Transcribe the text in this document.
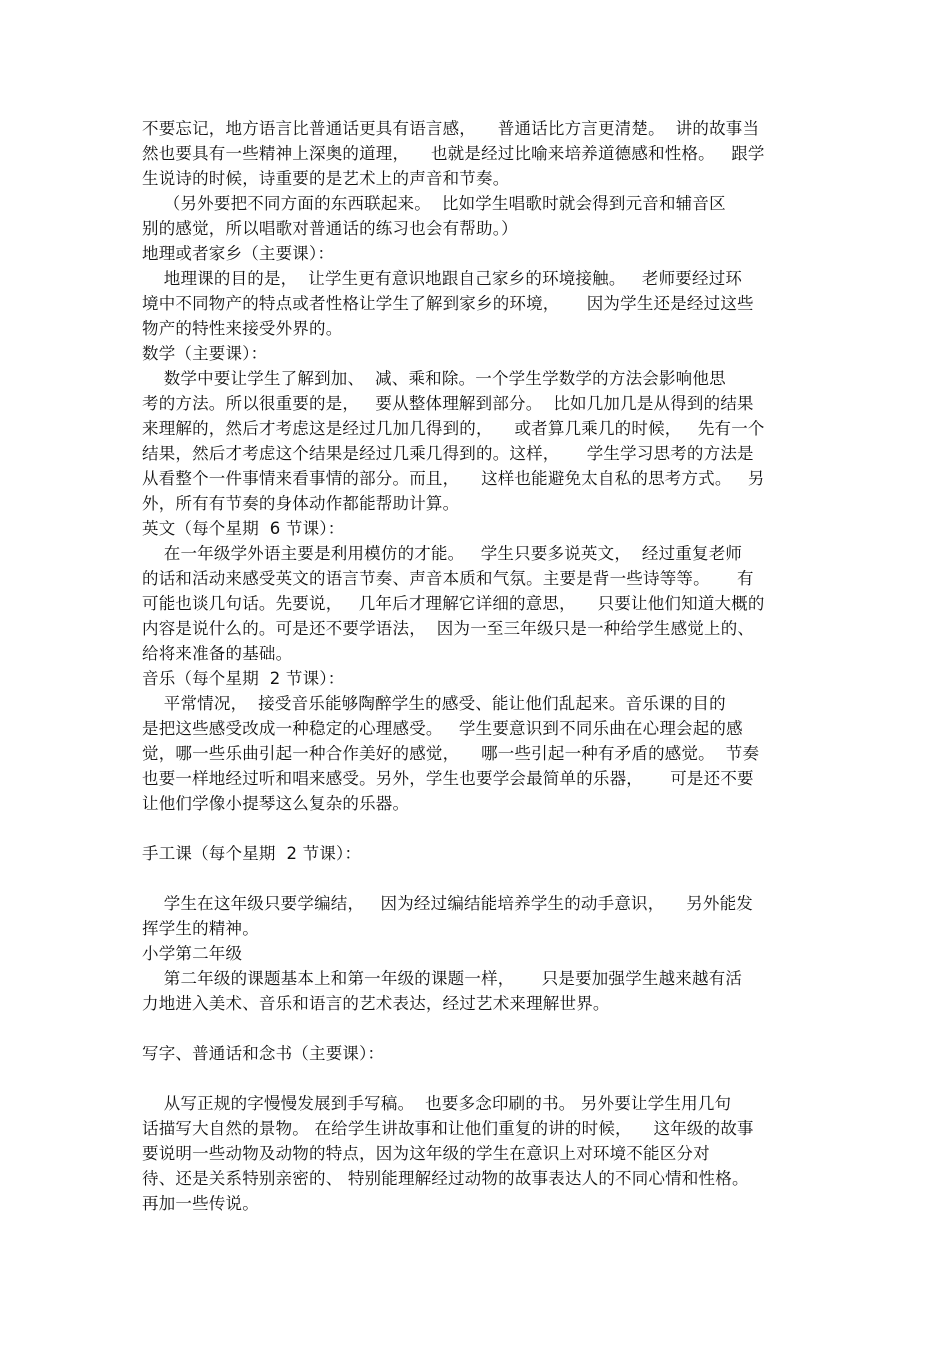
不要忘记，地方语言比普通话更具有语言感，    普通话比方言更清楚。  讲的故事当
然也要具有一些精神上深奥的道理，    也就是经过比喻来培养道德感和性格。   跟学
生说诗的时候，诗重要的是艺术上的声音和节奏。
（另外要把不同方面的东西联起来。  比如学生唱歌时就会得到元音和辅音区
别的感觉，所以唱歌对普通话的练习也会有帮助。）
地理或者家乡（主要课）：
地理课的目的是，  让学生更有意识地跟自己家乡的环境接触。   老师要经过环
境中不同物产的特点或者性格让学生了解到家乡的环境，     因为学生还是经过这些
物产的特性来接受外界的。
数学（主要课）：
数学中要让学生了解到加、  减、乘和除。一个学生学数学的方法会影响他思
考的方法。所以很重要的是，   要从整体理解到部分。  比如几加几是从得到的结果
来理解的，然后才考虑这是经过几加几得到的，    或者算几乘几的时候，   先有一个
结果，然后才考虑这个结果是经过几乘几得到的。这样，     学生学习思考的方法是
从看整个一件事情来看事情的部分。而且，    这样也能避免太自私的思考方式。   另
外，所有有节奏的身体动作都能帮助计算。
英文（每个星期  6 节课）：
在一年级学外语主要是利用模仿的才能。   学生只要多说英文，  经过重复老师
的话和活动来感受英文的语言节奏、声音本质和气氛。主要是背一些诗等等。     有
可能也谈几句话。先要说，   几年后才理解它详细的意思，    只要让他们知道大概的
内容是说什么的。可是还不要学语法，  因为一至三年级只是一种给学生感觉上的、
给将来准备的基础。
音乐（每个星期  2 节课）：
平常情况，  接受音乐能够陶醉学生的感受、能让他们乱起来。音乐课的目的
是把这些感受改成一种稳定的心理感受。   学生要意识到不同乐曲在心理会起的感
觉，哪一些乐曲引起一种合作美好的感觉，    哪一些引起一种有矛盾的感觉。  节奏
也要一样地经过听和唱来感受。另外，学生也要学会最简单的乐器，     可是还不要
让他们学像小提琴这么复杂的乐器。
手工课（每个星期  2 节课）：
学生在这年级只要学编结，   因为经过编结能培养学生的动手意识，    另外能发
挥学生的精神。
小学第二年级
第二年级的课题基本上和第一年级的课题一样，     只是要加强学生越来越有活
力地进入美术、音乐和语言的艺术表达，经过艺术来理解世界。
写字、普通话和念书（主要课）：
从写正规的字慢慢发展到手写稿。  也要多念印刷的书。 另外要让学生用几句
话描写大自然的景物。 在给学生讲故事和让他们重复的讲的时候，    这年级的故事
要说明一些动物及动物的特点，因为这年级的学生在意识上对环境不能区分对
待、还是关系特别亲密的、 特别能理解经过动物的故事表达人的不同心情和性格。
再加一些传说。
